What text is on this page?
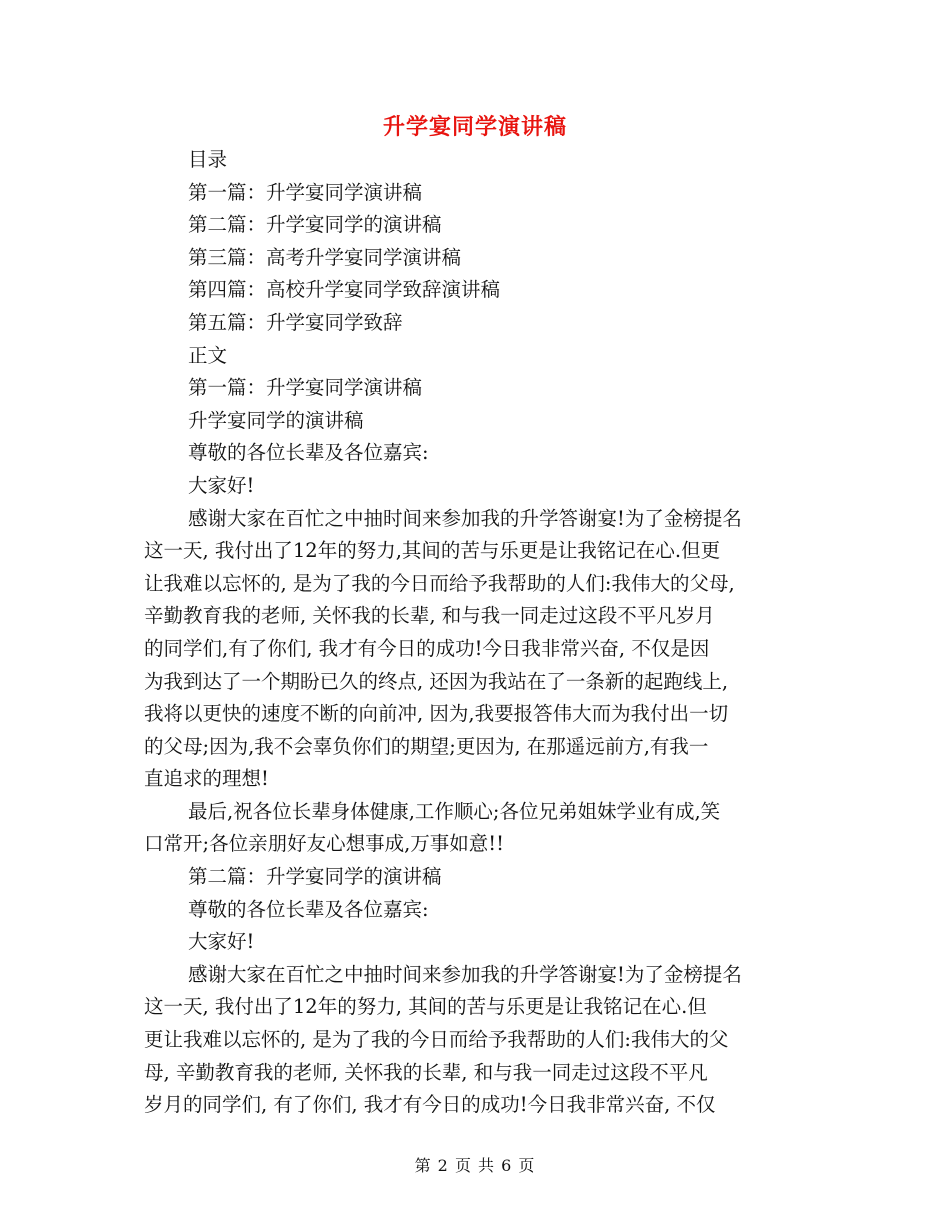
升学宴同学演讲稿
目录
第一篇：升学宴同学演讲稿
第二篇：升学宴同学的演讲稿
第三篇：高考升学宴同学演讲稿
第四篇：高校升学宴同学致辞演讲稿
第五篇：升学宴同学致辞
正文
第一篇：升学宴同学演讲稿
升学宴同学的演讲稿
尊敬的各位长辈及各位嘉宾:
大家好!
感谢大家在百忙之中抽时间来参加我的升学答谢宴!为了金榜提名
这一天, 我付出了12年的努力,其间的苦与乐更是让我铭记在心.但更
让我难以忘怀的, 是为了我的今日而给予我帮助的人们:我伟大的父母,
辛勤教育我的老师, 关怀我的长辈, 和与我一同走过这段不平凡岁月
的同学们,有了你们, 我才有今日的成功!今日我非常兴奋, 不仅是因
为我到达了一个期盼已久的终点, 还因为我站在了一条新的起跑线上,
我将以更快的速度不断的向前冲, 因为,我要报答伟大而为我付出一切
的父母;因为,我不会辜负你们的期望;更因为, 在那遥远前方,有我一
直追求的理想!
最后,祝各位长辈身体健康,工作顺心;各位兄弟姐妹学业有成,笑
口常开;各位亲朋好友心想事成,万事如意!!
第二篇：升学宴同学的演讲稿
尊敬的各位长辈及各位嘉宾:
大家好!
感谢大家在百忙之中抽时间来参加我的升学答谢宴!为了金榜提名
这一天, 我付出了12年的努力, 其间的苦与乐更是让我铭记在心.但
更让我难以忘怀的, 是为了我的今日而给予我帮助的人们:我伟大的父
母, 辛勤教育我的老师, 关怀我的长辈, 和与我一同走过这段不平凡
岁月的同学们, 有了你们, 我才有今日的成功!今日我非常兴奋, 不仅
第 2 页 共 6 页
